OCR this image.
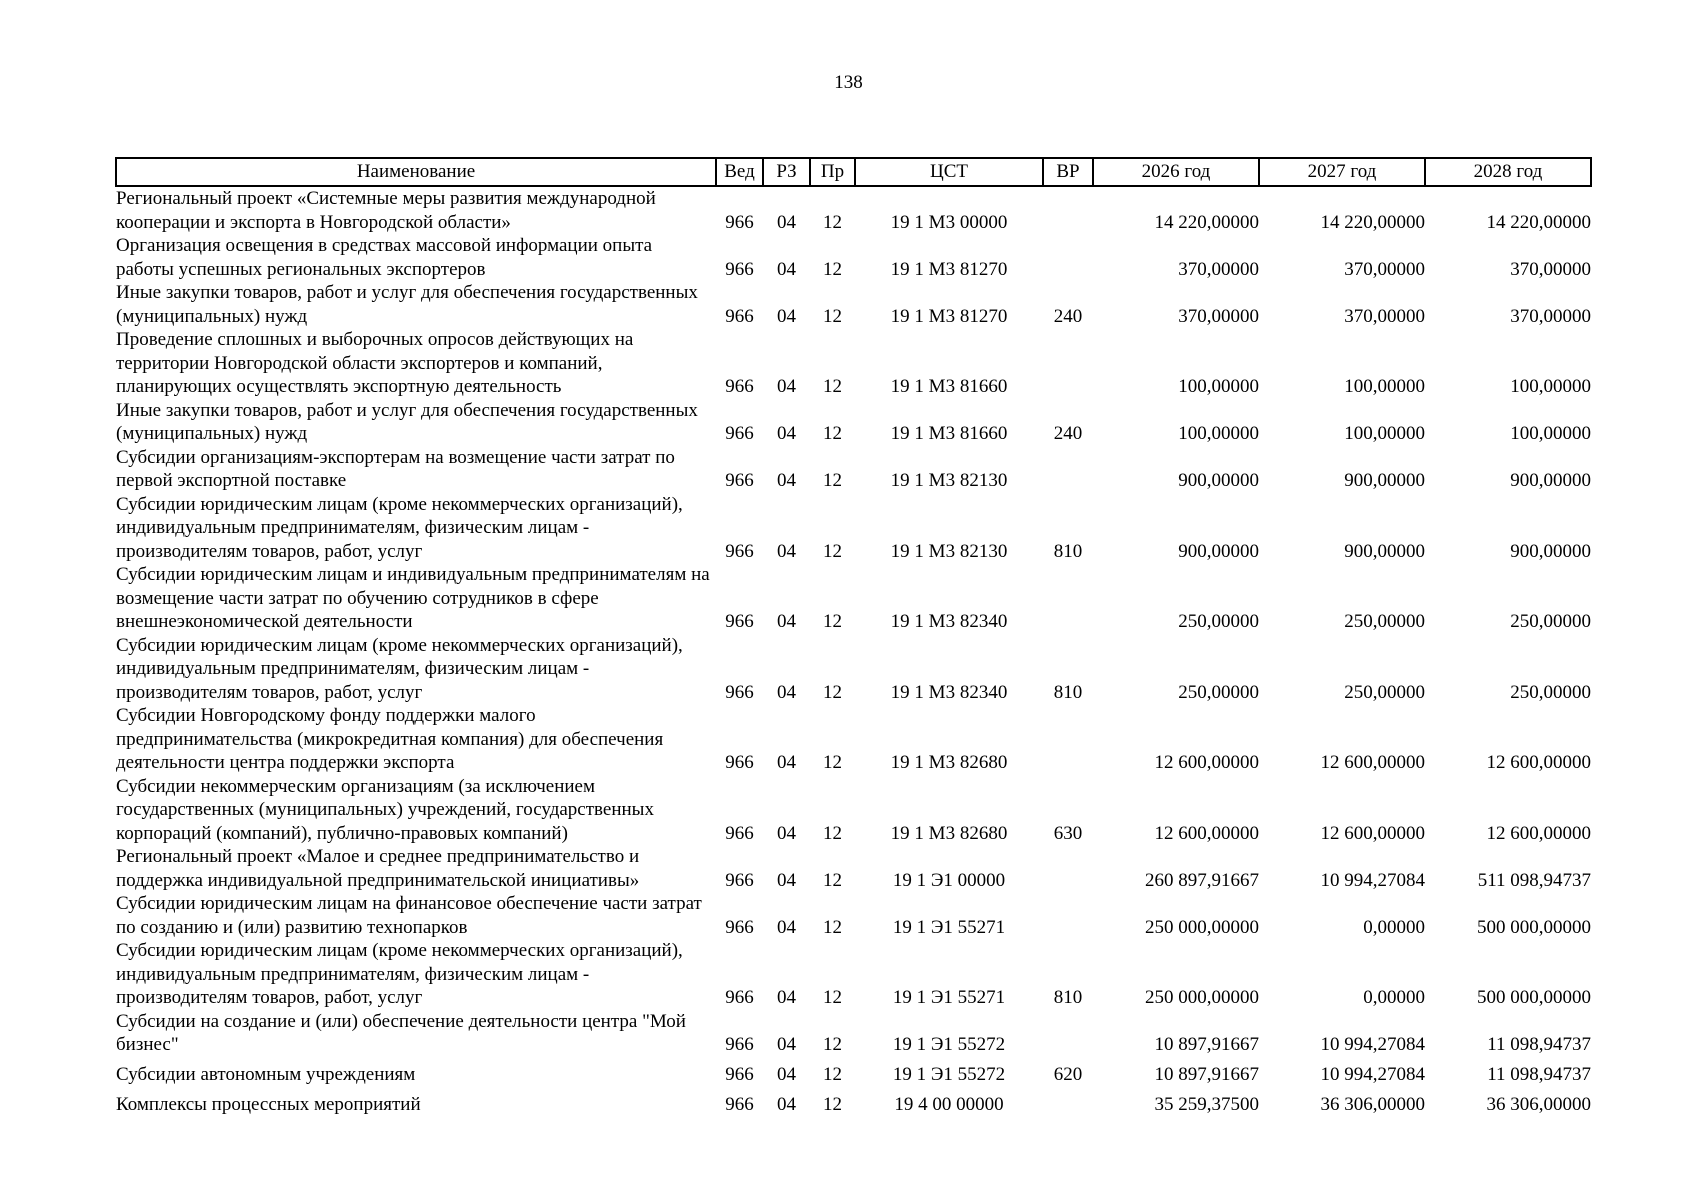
138
Наименование	Вед	РЗ	Пр	ЦСТ	ВР	2026 год	2027 год	2028 год
Региональный проект «Системные меры развития международной кооперации и экспорта в Новгородской области»	966	04	12	19 1 М3 00000		14 220,00000	14 220,00000	14 220,00000
Организация освещения в средствах массовой информации опыта работы успешных региональных экспортеров	966	04	12	19 1 М3 81270		370,00000	370,00000	370,00000
Иные закупки товаров, работ и услуг для обеспечения государственных (муниципальных) нужд	966	04	12	19 1 М3 81270	240	370,00000	370,00000	370,00000
Проведение сплошных и выборочных опросов действующих на территории Новгородской области экспортеров и компаний, планирующих осуществлять экспортную деятельность	966	04	12	19 1 М3 81660		100,00000	100,00000	100,00000
Иные закупки товаров, работ и услуг для обеспечения государственных (муниципальных) нужд	966	04	12	19 1 М3 81660	240	100,00000	100,00000	100,00000
Субсидии организациям-экспортерам на возмещение части затрат по первой экспортной поставке	966	04	12	19 1 М3 82130		900,00000	900,00000	900,00000
Субсидии юридическим лицам (кроме некоммерческих организаций), индивидуальным предпринимателям, физическим лицам - производителям товаров, работ, услуг	966	04	12	19 1 М3 82130	810	900,00000	900,00000	900,00000
Субсидии юридическим лицам и индивидуальным предпринимателям на возмещение части затрат по обучению сотрудников в сфере внешнеэкономической деятельности	966	04	12	19 1 М3 82340		250,00000	250,00000	250,00000
Субсидии юридическим лицам (кроме некоммерческих организаций), индивидуальным предпринимателям, физическим лицам - производителям товаров, работ, услуг	966	04	12	19 1 М3 82340	810	250,00000	250,00000	250,00000
Субсидии Новгородскому фонду поддержки малого предпринимательства (микрокредитная компания) для обеспечения деятельности центра поддержки экспорта	966	04	12	19 1 М3 82680		12 600,00000	12 600,00000	12 600,00000
Субсидии некоммерческим организациям (за исключением государственных (муниципальных) учреждений, государственных корпораций (компаний), публично-правовых компаний)	966	04	12	19 1 М3 82680	630	12 600,00000	12 600,00000	12 600,00000
Региональный проект «Малое и среднее предпринимательство и поддержка индивидуальной предпринимательской инициативы»	966	04	12	19 1 Э1 00000		260 897,91667	10 994,27084	511 098,94737
Субсидии юридическим лицам на финансовое обеспечение части затрат по созданию и (или) развитию технопарков	966	04	12	19 1 Э1 55271		250 000,00000	0,00000	500 000,00000
Субсидии юридическим лицам (кроме некоммерческих организаций), индивидуальным предпринимателям, физическим лицам - производителям товаров, работ, услуг	966	04	12	19 1 Э1 55271	810	250 000,00000	0,00000	500 000,00000
Субсидии на создание и (или) обеспечение деятельности центра "Мой бизнес"	966	04	12	19 1 Э1 55272		10 897,91667	10 994,27084	11 098,94737
Субсидии автономным учреждениям	966	04	12	19 1 Э1 55272	620	10 897,91667	10 994,27084	11 098,94737
Комплексы процессных мероприятий	966	04	12	19 4 00 00000		35 259,37500	36 306,00000	36 306,00000
